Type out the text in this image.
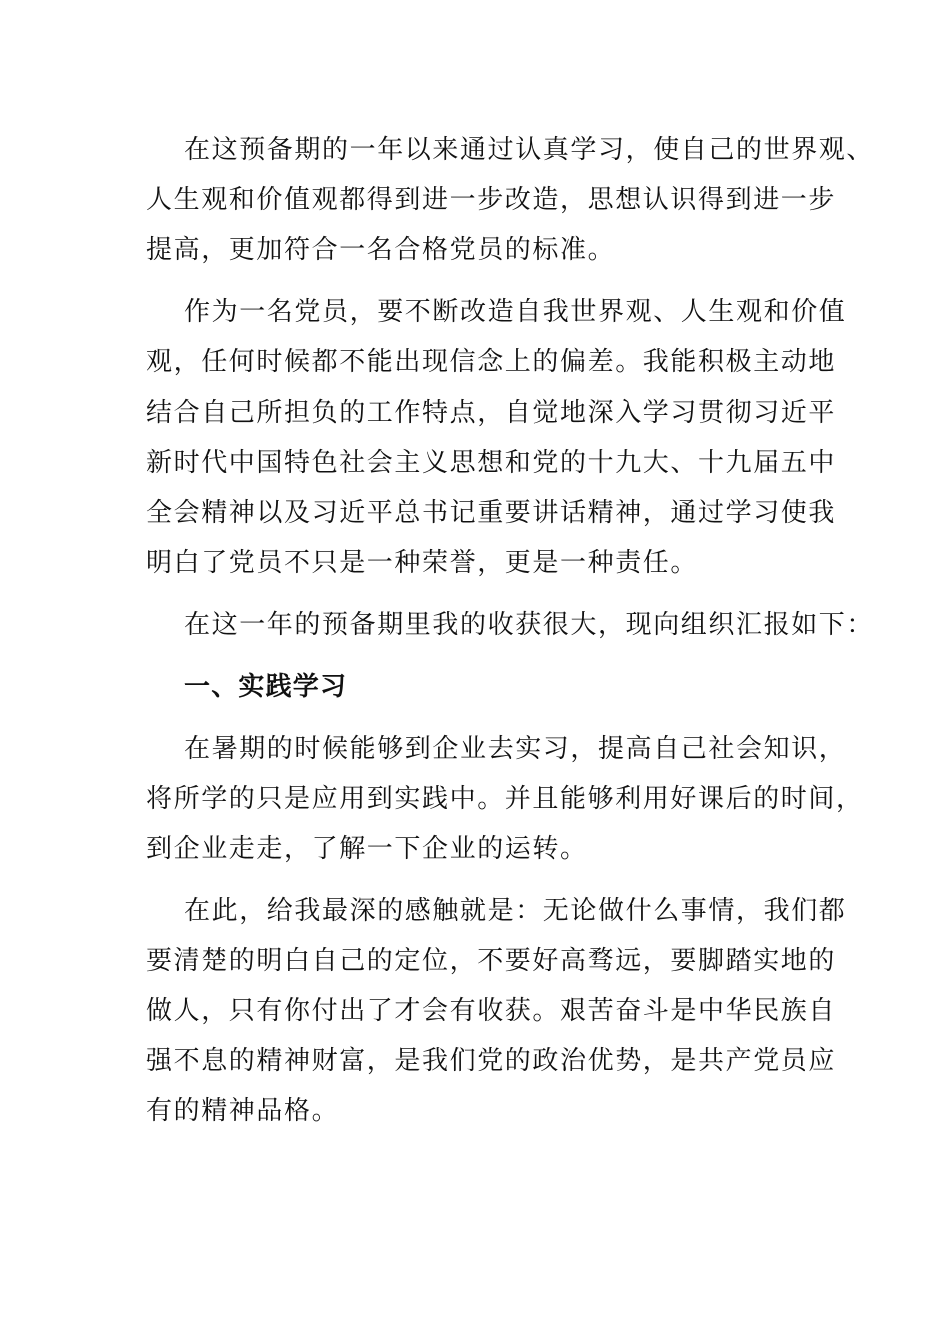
在这预备期的一年以来通过认真学习，使自己的世界观、
人生观和价值观都得到进一步改造，思想认识得到进一步
提高，更加符合一名合格党员的标准。
作为一名党员，要不断改造自我世界观、人生观和价值
观，任何时候都不能出现信念上的偏差。我能积极主动地
结合自己所担负的工作特点，自觉地深入学习贯彻习近平
新时代中国特色社会主义思想和党的十九大、十九届五中
全会精神以及习近平总书记重要讲话精神，通过学习使我
明白了党员不只是一种荣誉，更是一种责任。
在这一年的预备期里我的收获很大，现向组织汇报如下：
一、实践学习
在暑期的时候能够到企业去实习，提高自己社会知识，
将所学的只是应用到实践中。并且能够利用好课后的时间，
到企业走走，了解一下企业的运转。
在此，给我最深的感触就是：无论做什么事情，我们都
要清楚的明白自己的定位，不要好高骛远，要脚踏实地的
做人，只有你付出了才会有收获。艰苦奋斗是中华民族自
强不息的精神财富，是我们党的政治优势，是共产党员应
有的精神品格。
